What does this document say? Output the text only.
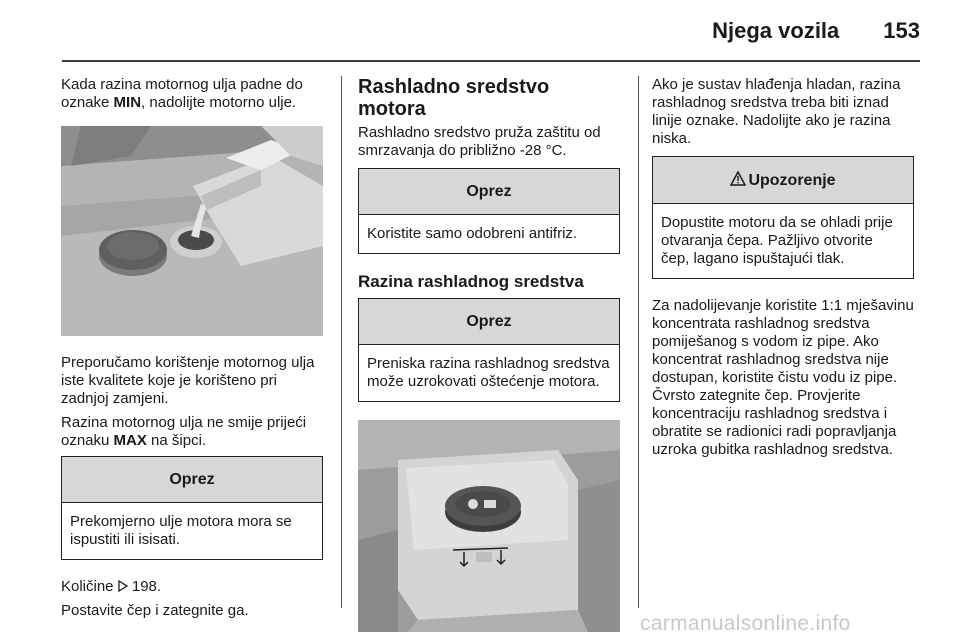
Njega vozila 153

Kada razina motornog ulja padne do oznake MIN, nadolijte motorno ulje.

Preporučamo korištenje motornog ulja iste kvalitete koje je korišteno pri zadnjoj zamjeni.

Razina motornog ulja ne smije prijeći oznaku MAX na šipci.

Oprez
Prekomjerno ulje motora mora se ispustiti ili isisati.

Količine  198.

Postavite čep i zategnite ga.

Rashladno sredstvo motora

Rashladno sredstvo pruža zaštitu od smrzavanja do približno -28 °C.

Oprez
Koristite samo odobreni antifriz.
Razina rashladnog sredstva
Oprez
Preniska razina rashladnog sredstva može uzrokovati oštećenje motora.

Ako je sustav hlađenja hladan, razina rashladnog sredstva treba biti iznad linije oznake. Nadolijte ako je razina niska.

Upozorenje
Dopustite motoru da se ohladi prije otvaranja čepa. Pažljivo otvorite čep, lagano ispuštajući tlak.

Za nadolijevanje koristite 1:1 mješavinu koncentrata rashladnog sredstva pomiješanog s vodom iz pipe. Ako koncentrat rashladnog sredstva nije dostupan, koristite čistu vodu iz pipe. Čvrsto zategnite čep. Provjerite koncentraciju rashladnog sredstva i obratite se radionici radi popravljanja uzroka gubitka rashladnog sredstva.

carmanualsonline.info
